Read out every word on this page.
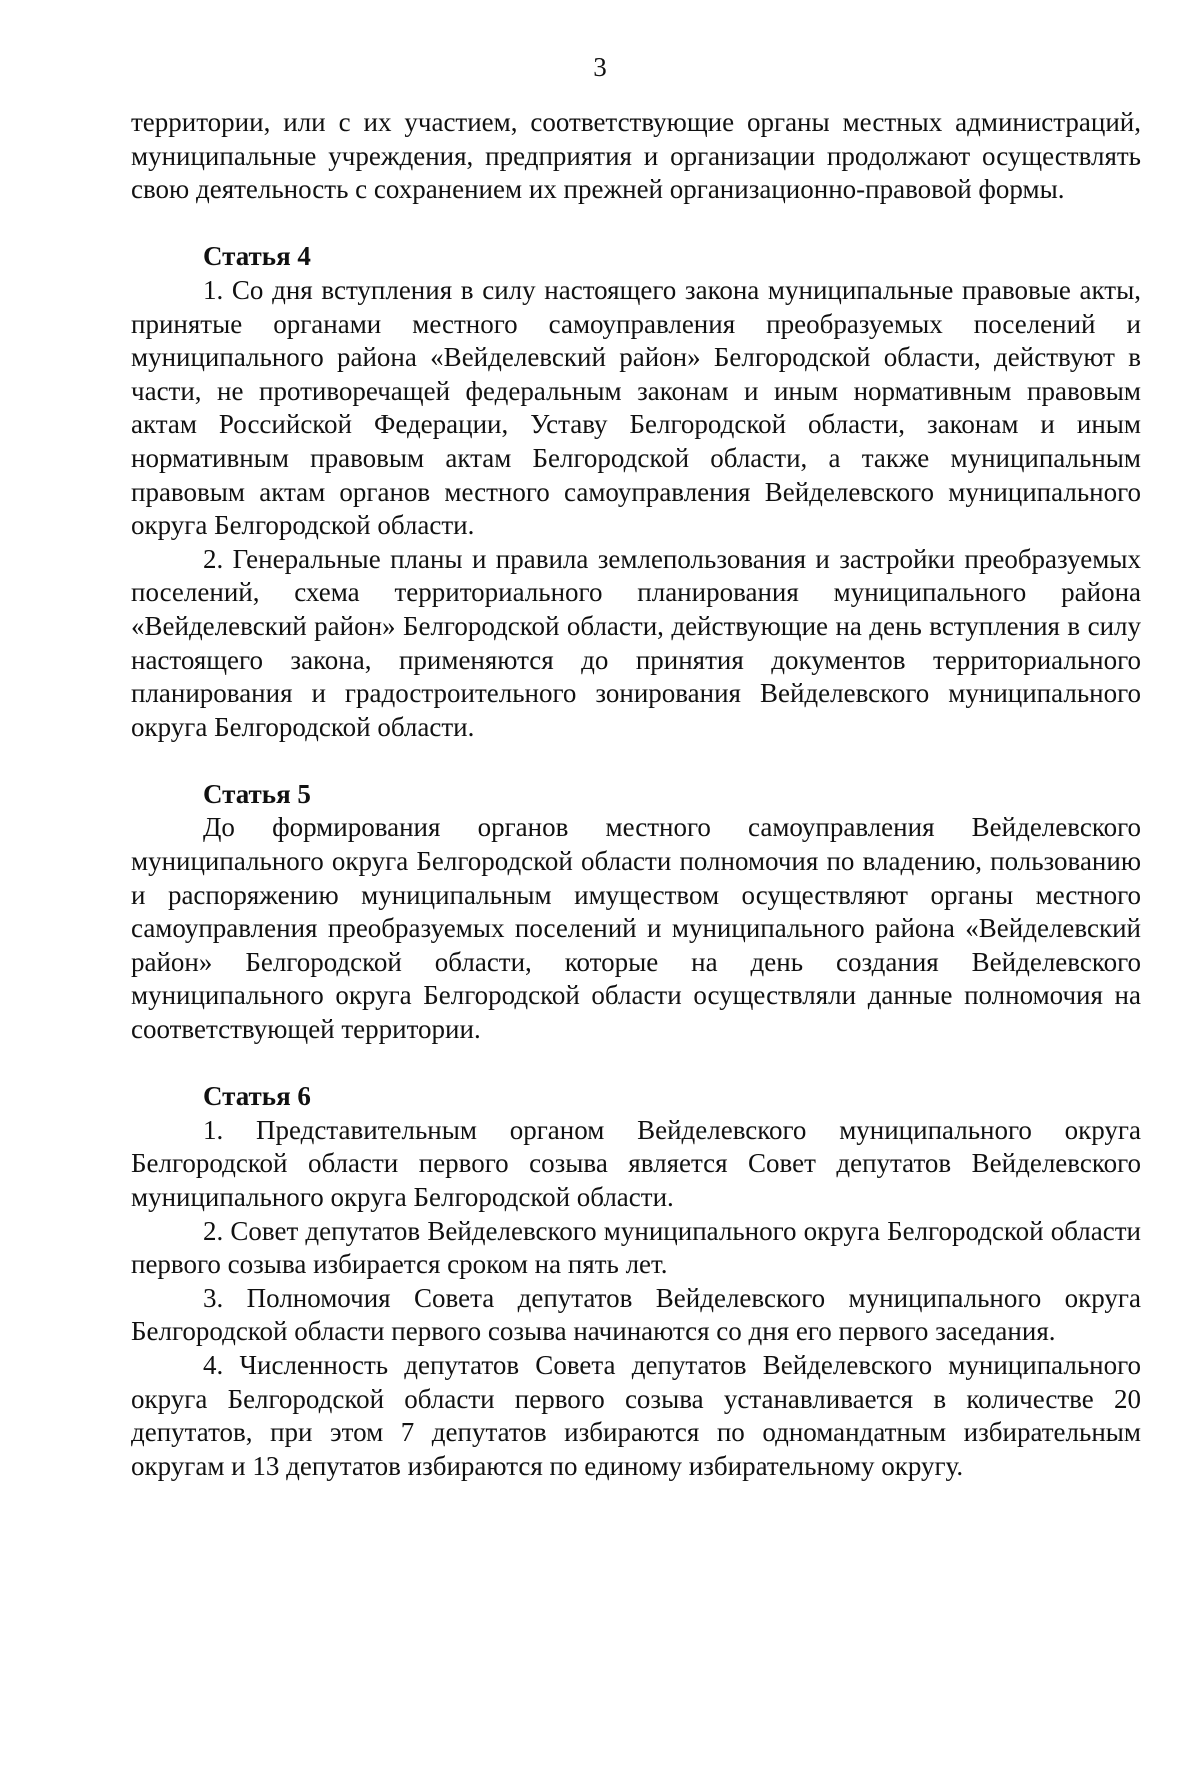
3

территории, или с их участием, соответствующие органы местных администраций, муниципальные учреждения, предприятия и организации продолжают осуществлять свою деятельность с сохранением их прежней организационно-правовой формы.

Статья 4

1. Со дня вступления в силу настоящего закона муниципальные правовые акты, принятые органами местного самоуправления преобразуемых поселений и муниципального района «Вейделевский район» Белгородской области, действуют в части, не противоречащей федеральным законам и иным нормативным правовым актам Российской Федерации, Уставу Белгородской области, законам и иным нормативным правовым актам Белгородской области, а также муниципальным правовым актам органов местного самоуправления Вейделевского муниципального округа Белгородской области.

2. Генеральные планы и правила землепользования и застройки преобразуемых поселений, схема территориального планирования муниципального района «Вейделевский район» Белгородской области, действующие на день вступления в силу настоящего закона, применяются до принятия документов территориального планирования и градостроительного зонирования Вейделевского муниципального округа Белгородской области.

Статья 5

До формирования органов местного самоуправления Вейделевского муниципального округа Белгородской области полномочия по владению, пользованию и распоряжению муниципальным имуществом осуществляют органы местного самоуправления преобразуемых поселений и муниципального района «Вейделевский район» Белгородской области, которые на день создания Вейделевского муниципального округа Белгородской области осуществляли данные полномочия на соответствующей территории.

Статья 6

1. Представительным органом Вейделевского муниципального округа Белгородской области первого созыва является Совет депутатов Вейделевского муниципального округа Белгородской области.

2. Совет депутатов Вейделевского муниципального округа Белгородской области первого созыва избирается сроком на пять лет.

3. Полномочия Совета депутатов Вейделевского муниципального округа Белгородской области первого созыва начинаются со дня его первого заседания.

4. Численность депутатов Совета депутатов Вейделевского муниципального округа Белгородской области первого созыва устанавливается в количестве 20 депутатов, при этом 7 депутатов избираются по одномандатным избирательным округам и 13 депутатов избираются по единому избирательному округу.
